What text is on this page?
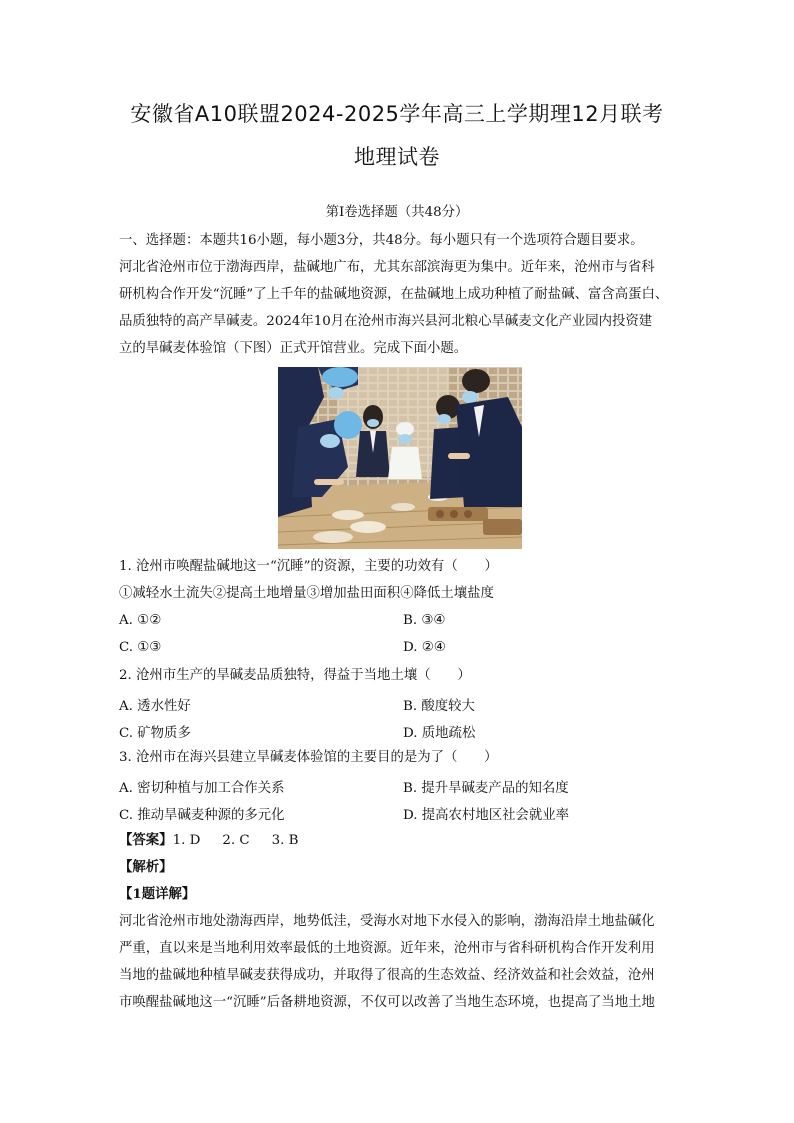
安徽省A10联盟2024-2025学年高三上学期理12月联考
地理试卷
第Ⅰ卷选择题（共48分）
一、选择题：本题共16小题，每小题3分，共48分。每小题只有一个选项符合题目要求。
河北省沧州市位于渤海西岸，盐碱地广布，尤其东部滨海更为集中。近年来，沧州市与省科
研机构合作开发“沉睡”了上千年的盐碱地资源，在盐碱地上成功种植了耐盐碱、富含高蛋白、
品质独特的高产旱碱麦。2024年10月在沧州市海兴县河北粮心旱碱麦文化产业园内投资建
立的旱碱麦体验馆（下图）正式开馆营业。完成下面小题。
1. 沧州市唤醒盐碱地这一“沉睡”的资源，主要的功效有（　　）
①减轻水土流失②提高土地增量③增加盐田面积④降低土壤盐度
A. ①②	B. ③④
C. ①③	D. ②④
2. 沧州市生产的旱碱麦品质独特，得益于当地土壤（　　）
A. 透水性好	B. 酸度较大
C. 矿物质多	D. 质地疏松
3. 沧州市在海兴县建立旱碱麦体验馆的主要目的是为了（　　）
A. 密切种植与加工合作关系	B. 提升旱碱麦产品的知名度
C. 推动旱碱麦种源的多元化	D. 提高农村地区社会就业率
【答案】1. D 2. C 3. B
【解析】
【1题详解】
河北省沧州市地处渤海西岸，地势低洼，受海水对地下水侵入的影响，渤海沿岸土地盐碱化
严重，直以来是当地利用效率最低的土地资源。近年来，沧州市与省科研机构合作开发利用
当地的盐碱地种植旱碱麦获得成功，并取得了很高的生态效益、经济效益和社会效益，沧州
市唤醒盐碱地这一“沉睡”后备耕地资源，不仅可以改善了当地生态环境，也提高了当地土地
